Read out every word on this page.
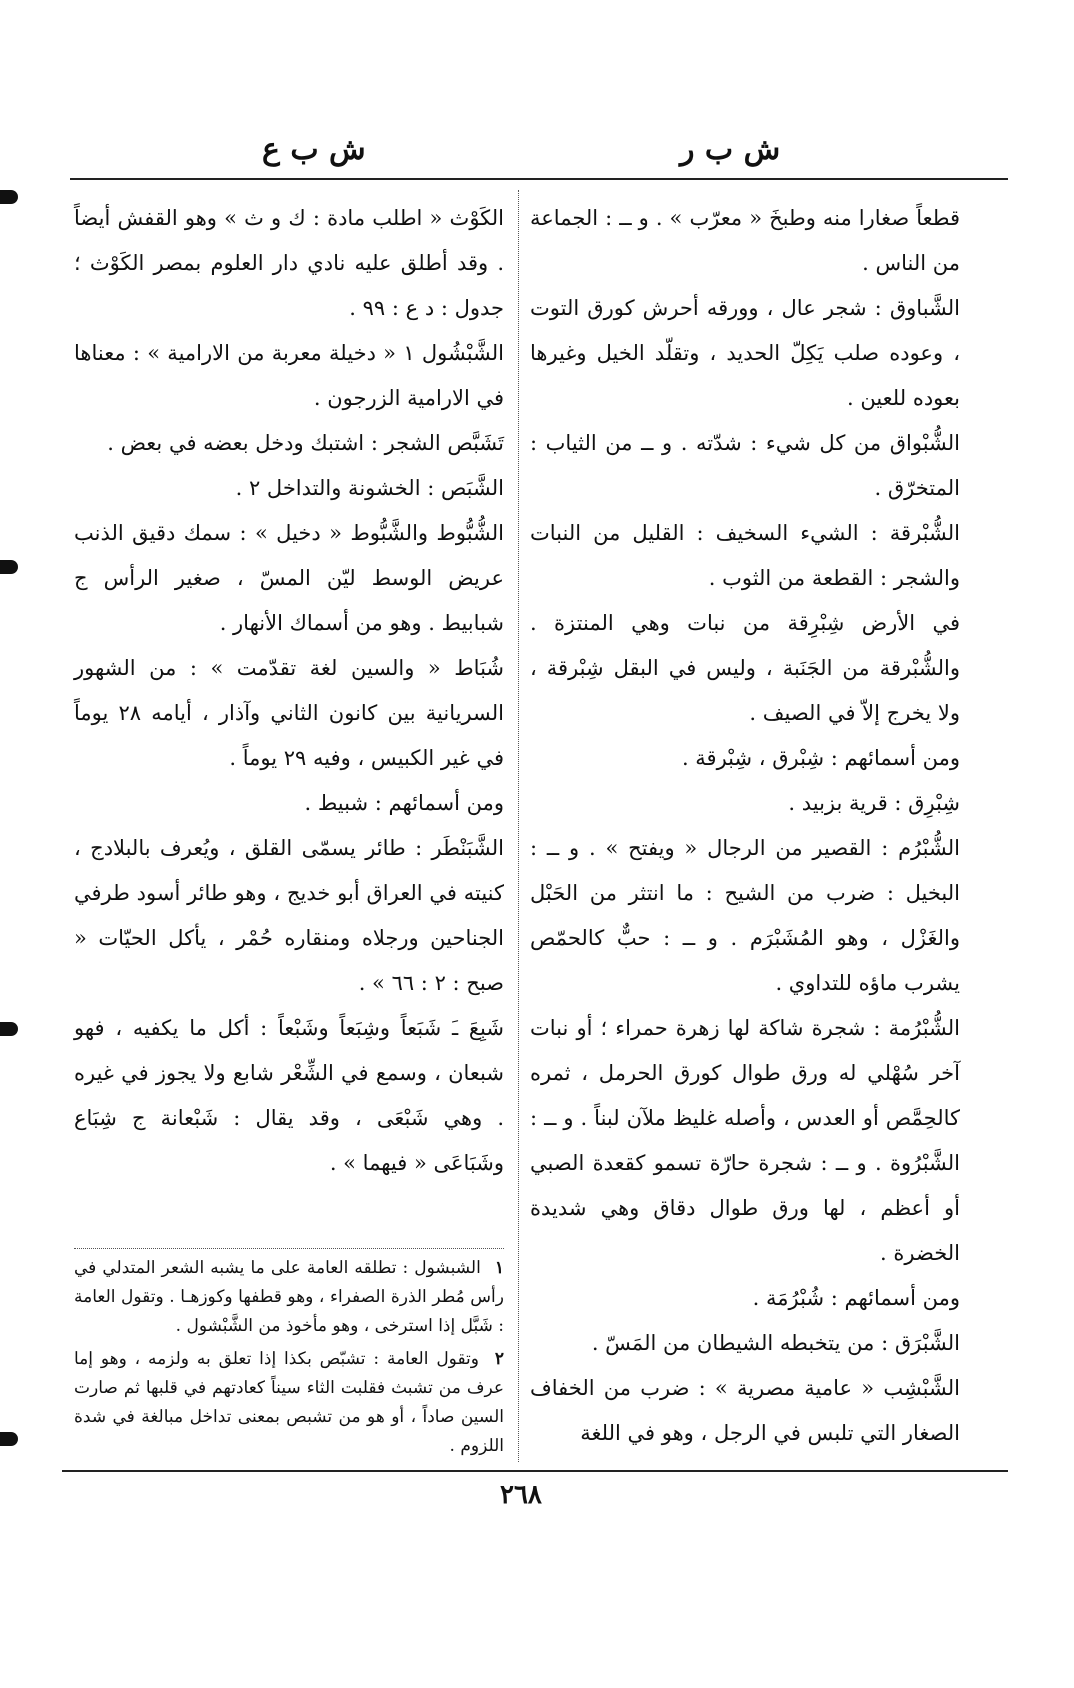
ش ب ر
ش ب ع

قطعاً صغارا منه وطبخَ « معرّب » . و ــ : الجماعة من الناس .

الشَّباوق : شجر عال ، وورقه أحرش كورق التوت ، وعوده صلب يَكِلّ الحديد ، وتقلّد الخيل وغيرها بعوده للعين .

الشُّبْواق من كل شيء : شدّته . و ــ من الثياب : المتخرّق .

الشُّبْرقة : الشيء السخيف : القليل من النبات والشجر : القطعة من الثوب .

في الأرض شِبْرِقة من نبات وهي المنتزة . والشُّبْرقة من الجَنَبة ، وليس في البقل شِبْرقة ، ولا يخرج إلاّ في الصيف .

ومن أسمائهم : شِبْرق ، شِبْرقة .

شِبْرِق : قرية بزبيد .

الشُّبْرُم : القصير من الرجال « ويفتح » . و ــ : البخيل : ضرب من الشيح : ما انتثر من الحَبْل والغَزْل ، وهو المُشَبْرَم . و ــ : حبٌّ كالحمّص يشرب ماؤه للتداوي .

الشُّبْرُمة : شجرة شاكة لها زهرة حمراء ؛ أو نبات آخر سُهْلي له ورق طوال كورق الحرمل ، ثمره كالحِمَّص أو العدس ، وأصله غليظ ملآن لبناً . و ــ : الشَّبْرُوة . و ــ : شجرة حارّة تسمو كقعدة الصبي أو أعظم ، لها ورق طوال دقاق وهي شديدة الخضرة .

ومن أسمائهم : شُبْرُمَة .

الشَّبْرَق : من يتخبطه الشيطان من المَسّ .

الشَّبْشِب « عامية مصرية » : ضرب من الخفاف الصغار التي تلبس في الرجل ، وهو في اللغة

الكَوْث « اطلب مادة : ك و ث » وهو القفش أيضاً . وقد أطلق عليه نادي دار العلوم بمصر الكَوْث ؛ جدول : د ع : ٩٩ .

الشَّبْشُول ١ « دخيلة معربة من الارامية » : معناها في الارامية الزرجون .

تَشَبَّص الشجر : اشتبك ودخل بعضه في بعض .

الشَّبَص : الخشونة والتداخل ٢ .

الشُّبُّوط والشَّبُّوط « دخيل » : سمك دقيق الذنب عريض الوسط ليّن المسّ ، صغير الرأس ج شبابيط . وهو من أسماك الأنهار .

شُبَاط « والسين لغة تقدّمت » : من الشهور السريانية بين كانون الثاني وآذار ، أيامه ٢٨ يوماً في غير الكبيس ، وفيه ٢٩ يوماً .

ومن أسمائهم : شبيط .

الشَّبَنْطَر : طائر يسمّى القلق ، ويُعرف بالبلادج ، كنيته في العراق أبو خديج ، وهو طائر أسود طرفي الجناحين ورجلاه ومنقاره حُمْر ، يأكل الحيّات « صبح : ٢ : ٦٦ » .

شَبِعَ ـَ شَبَعاً وشِبَعاً وشَبْعاً : أكل ما يكفيه ، فهو شبعان ، وسمع في الشِّعْر شابع ولا يجوز في غيره . وهي شَبْعَى ، وقد يقال : شَبْعانة ج شِبَاع وشَبَاعَى « فيهما » .

١ الشبشول : تطلقه العامة على ما يشبه الشعر المتدلي في رأس مُطر الذرة الصفراء ، وهو قطفها وكوزهـا . وتقول العامة : شَبَّل إذا استرخى ، وهو مأخوذ من الشَّبْشول .

٢ وتقول العامة : تشبّص بكذا إذا تعلق به ولزمه ، وهو إما عرف من تشبث فقلبت الثاء سيناً كعادتهم في قلبها ثم صارت السين صاداً ، أو هو من تشبص بمعنى تداخل مبالغة في شدة اللزوم .

٢٦٨
